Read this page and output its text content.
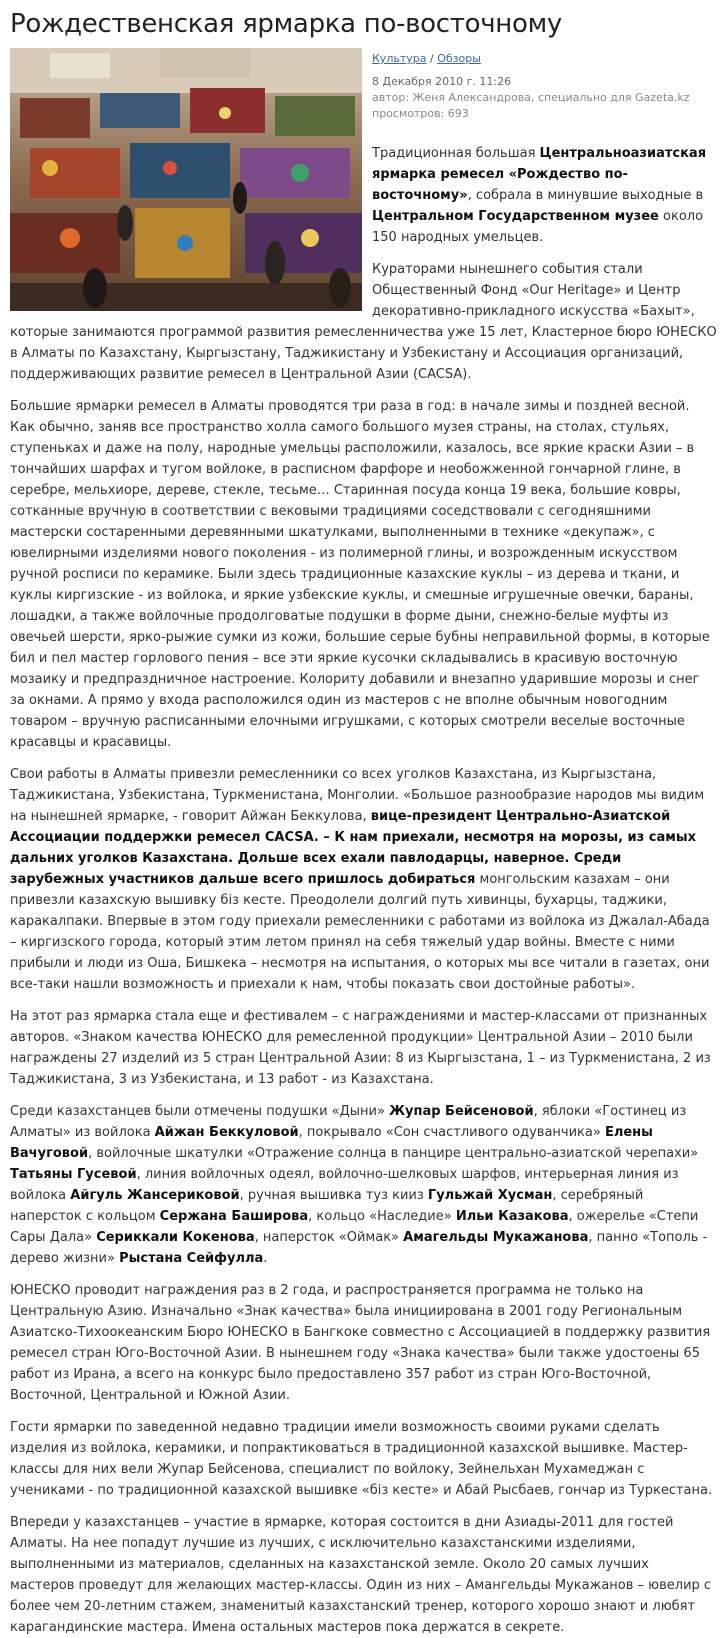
Рождественская ярмарка по-восточному
Культура / Обзоры
8 Декабря 2010 г. 11:26
автор: Женя Александрова, специально для Gazeta.kz
просмотров: 693

Традиционная большая Центральноазиатская ярмарка ремесел «Рождество по-восточному», собрала в минувшие выходные в Центральном Государственном музее около 150 народных умельцев.

Кураторами нынешнего события стали Общественный Фонд «Our Heritage» и Центр декоративно-прикладного искусства «Бахыт», которые занимаются программой развития ремесленничества уже 15 лет, Кластерное бюро ЮНЕСКО в Алматы по Казахстану, Кыргызстану, Таджикистану и Узбекистану и Ассоциация организаций, поддерживающих развитие ремесел в Центральной Азии (CACSA).

Большие ярмарки ремесел в Алматы проводятся три раза в год: в начале зимы и поздней весной. Как обычно, заняв все пространство холла самого большого музея страны, на столах, стульях, ступеньках и даже на полу, народные умельцы расположили, казалось, все яркие краски Азии – в тончайших шарфах и тугом войлоке, в расписном фарфоре и необожженной гончарной глине, в серебре, мельхиоре, дереве, стекле, тесьме… Старинная посуда конца 19 века, большие ковры, сотканные вручную в соответствии с вековыми традициями соседствовали с сегодняшними мастерски состаренными деревянными шкатулками, выполненными в технике «декупаж», с ювелирными изделиями нового поколения - из полимерной глины, и возрожденным искусством ручной росписи по керамике. Были здесь традиционные казахские куклы – из дерева и ткани, и куклы киргизские - из войлока, и яркие узбекские куклы, и смешные игрушечные овечки, бараны, лошадки, а также войлочные продолговатые подушки в форме дыни, снежно-белые муфты из овечьей шерсти, ярко-рыжие сумки из кожи, большие серые бубны неправильной формы, в которые бил и пел мастер горлового пения – все эти яркие кусочки складывались в красивую восточную мозаику и предпраздничное настроение. Колориту добавили и внезапно ударившие морозы и снег за окнами. А прямо у входа расположился один из мастеров с не вполне обычным новогодним товаром – вручную расписанными елочными игрушками, с которых смотрели веселые восточные красавцы и красавицы.

Свои работы в Алматы привезли ремесленники со всех уголков Казахстана, из Кыргызстана, Таджикистана, Узбекистана, Туркменистана, Монголии. «Большое разнообразие народов мы видим на нынешней ярмарке, - говорит Айжан Беккулова, вице-президент Центрально-Азиатской Ассоциации поддержки ремесел CACSA. – К нам приехали, несмотря на морозы, из самых дальних уголков Казахстана. Дольше всех ехали павлодарцы, наверное. Среди зарубежных участников дальше всего пришлось добираться монгольским казахам – они привезли казахскую вышивку біз кесте. Преодолели долгий путь хивинцы, бухарцы, таджики, каракалпаки. Впервые в этом году приехали ремесленники с работами из войлока из Джалал-Абада – киргизского города, который этим летом принял на себя тяжелый удар войны. Вместе с ними прибыли и люди из Оша, Бишкека – несмотря на испытания, о которых мы все читали в газетах, они все-таки нашли возможность и приехали к нам, чтобы показать свои достойные работы».

На этот раз ярмарка стала еще и фестивалем – с награждениями и мастер-классами от признанных авторов. «Знаком качества ЮНЕСКО для ремесленной продукции» Центральной Азии – 2010 были награждены 27 изделий из 5 стран Центральной Азии: 8 из Кыргызстана, 1 – из Туркменистана, 2 из Таджикистана, 3 из Узбекистана, и 13 работ - из Казахстана.

Среди казахстанцев были отмечены подушки «Дыни» Жупар Бейсеновой, яблоки «Гостинец из Алматы» из войлока Айжан Беккуловой, покрывало «Сон счастливого одуванчика» Елены Вачуговой, войлочные шкатулки «Отражение солнца в панцире центрально-азиатской черепахи» Татьяны Гусевой, линия войлочных одеял, войлочно-шелковых шарфов, интерьерная линия из войлока Айгуль Жансериковой, ручная вышивка туз кииз Гульжай Хусман, серебряный наперсток с кольцом Сержана Баширова, кольцо «Наследие» Ильи Казакова, ожерелье «Степи Сары Дала» Сериккали Кокенова, наперсток «Оймак» Амагельды Мукажанова, панно «Тополь - дерево жизни» Рыстана Сейфулла.

ЮНЕСКО проводит награждения раз в 2 года, и распространяется программа не только на Центральную Азию. Изначально «Знак качества» была инициирована в 2001 году Региональным Азиатско-Тихоокеанским Бюро ЮНЕСКО в Бангкоке совместно с Ассоциацией в поддержку развития ремесел стран Юго-Восточной Азии. В нынешнем году «Знака качества» были также удостоены 65 работ из Ирана, а всего на конкурс было предоставлено 357 работ из стран Юго-Восточной, Восточной, Центральной и Южной Азии.

Гости ярмарки по заведенной недавно традиции имели возможность своими руками сделать изделия из войлока, керамики, и попрактиковаться в традиционной казахской вышивке. Мастер-классы для них вели Жупар Бейсенова, специалист по войлоку, Зейнельхан Мухамеджан с учениками - по традиционной казахской вышивке «біз кесте» и Абай Рысбаев, гончар из Туркестана.

Впереди у казахстанцев – участие в ярмарке, которая состоится в дни Азиады-2011 для гостей Алматы. На нее попадут лучшие из лучших, с исключительно казахстанскими изделиями, выполненными из материалов, сделанных на казахстанской земле. Около 20 самых лучших мастеров проведут для желающих мастер-классы. Один из них – Амангельды Мукажанов – ювелир с более чем 20-летним стажем, знаменитый казахстанский тренер, которого хорошо знают и любят карагандинские мастера. Имена остальных мастеров пока держатся в секрете.
